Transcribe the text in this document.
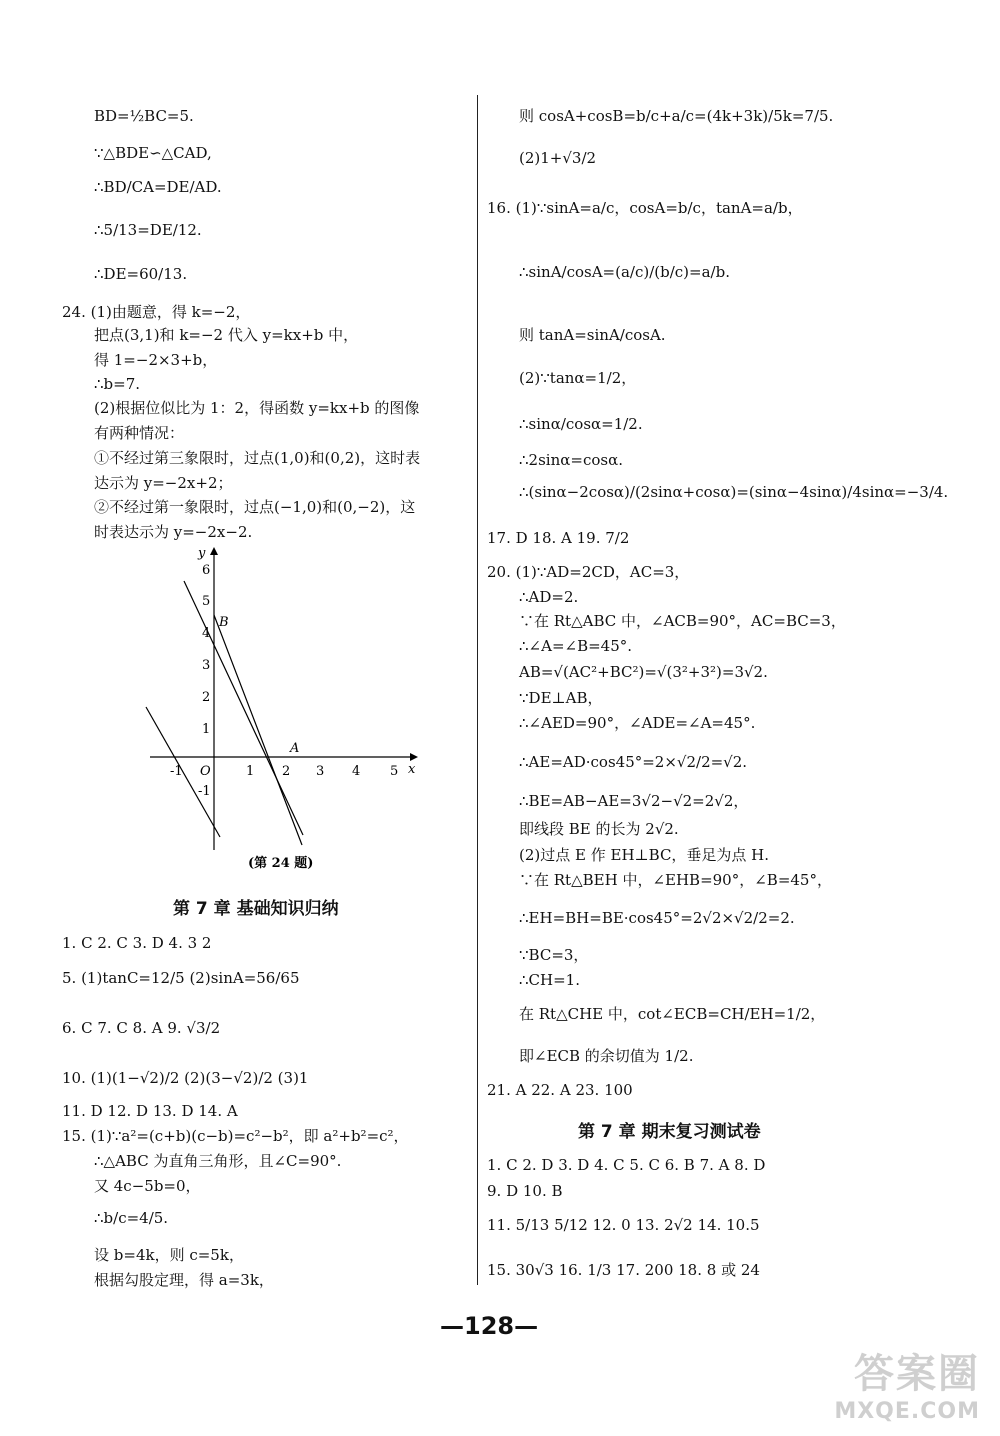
BD=½BC=5.
∵△BDE∽△CAD,
∴BD/CA=DE/AD.
∴5/13=DE/12.
∴DE=60/13.
24. (1)由题意，得 k=−2，
把点(3,1)和 k=−2 代入 y=kx+b 中，
得 1=−2×3+b，
∴b=7.
(2)根据位似比为 1：2，得函数 y=kx+b 的图像
有两种情况：
①不经过第三象限时，过点(1,0)和(0,2)，这时表
达示为 y=−2x+2；
②不经过第一象限时，过点(−1,0)和(0,−2)，这
时表达示为 y=−2x−2.
x
y
O
-1	1 2 3 4 5
6
5
4
3
2
1
-1
B
A
(第 24 题)
第 7 章 基础知识归纳
1. C 2. C 3. D 4. 3 2
5. (1)tanC=12/5 (2)sinA=56/65
6. C 7. C 8. A 9. √3/2
10. (1)(1−√2)/2 (2)(3−√2)/2 (3)1
11. D 12. D 13. D 14. A
15. (1)∵a²=(c+b)(c−b)=c²−b²，即 a²+b²=c²，
∴△ABC 为直角三角形，且∠C=90°.
又 4c−5b=0，
∴b/c=4/5.
设 b=4k，则 c=5k，
根据勾股定理，得 a=3k，
则 cosA+cosB=b/c+a/c=(4k+3k)/5k=7/5.
(2)1+√3/2
16. (1)∵sinA=a/c，cosA=b/c，tanA=a/b，
∴sinA/cosA=(a/c)/(b/c)=a/b.
则 tanA=sinA/cosA.
(2)∵tanα=1/2，
∴sinα/cosα=1/2.
∴2sinα=cosα.
∴(sinα−2cosα)/(2sinα+cosα)=(sinα−4sinα)/4sinα=−3/4.
17. D 18. A 19. 7/2
20. (1)∵AD=2CD，AC=3，
∴AD=2.
∵在 Rt△ABC 中，∠ACB=90°，AC=BC=3，
∴∠A=∠B=45°.
AB=√(AC²+BC²)=√(3²+3²)=3√2.
∵DE⊥AB，
∴∠AED=90°，∠ADE=∠A=45°.
∴AE=AD·cos45°=2×√2/2=√2.
∴BE=AB−AE=3√2−√2=2√2，
即线段 BE 的长为 2√2.
(2)过点 E 作 EH⊥BC，垂足为点 H.
∵在 Rt△BEH 中，∠EHB=90°，∠B=45°，
∴EH=BH=BE·cos45°=2√2×√2/2=2.
∵BC=3，
∴CH=1.
在 Rt△CHE 中，cot∠ECB=CH/EH=1/2，
即∠ECB 的余切值为 1/2.
21. A 22. A 23. 100
第 7 章 期末复习测试卷
1. C 2. D 3. D 4. C 5. C 6. B 7. A 8. D
9. D 10. B
11. 5/13 5/12 12. 0 13. 2√2 14. 10.5
15. 30√3 16. 1/3 17. 200 18. 8 或 24
—128—
答案圈
MXQE.COM
